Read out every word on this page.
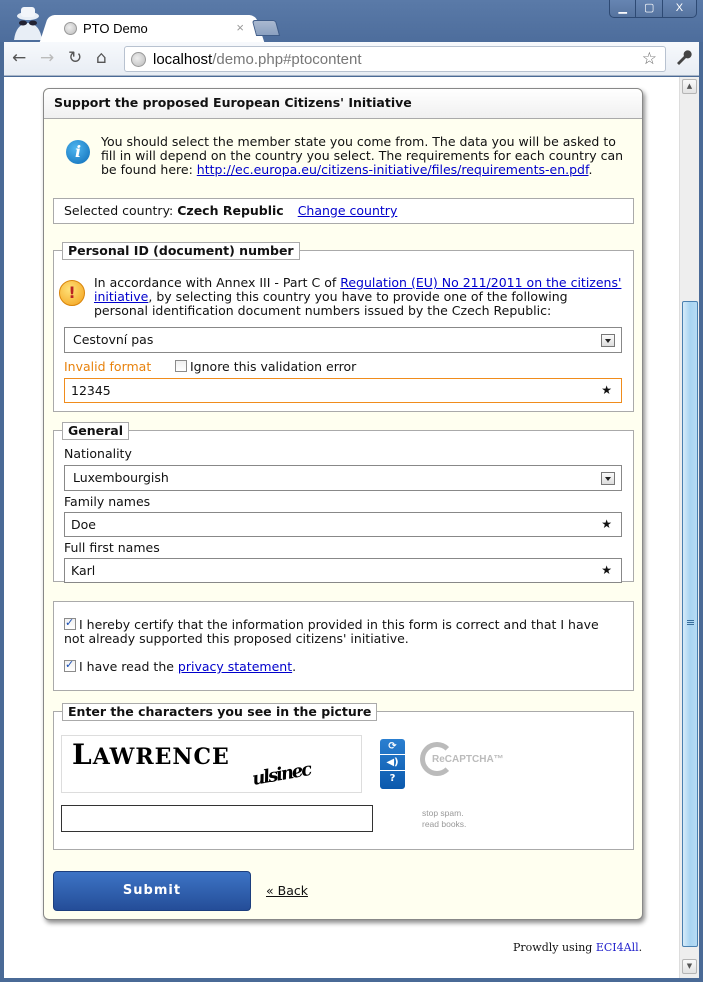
PTO Demo	×
▁	▢	X
← → ↻ ⌂	localhost/demo.php#ptocontent	☆
Support the proposed European Citizens' Initiative
i
You should select the member state you come from. The data you will be asked to fill in will depend on the country you select. The requirements for each country can be found here: http://ec.europa.eu/citizens-initiative/files/requirements-en.pdf.
Selected country: Czech Republic Change country
Personal ID (document) number
!
In accordance with Annex III - Part C of Regulation (EU) No 211/2011 on the citizens' initiative, by selecting this country you have to provide one of the following personal identification document numbers issued by the Czech Republic:
Cestovní pas
Invalid format	Ignore this validation error
12345	★
General
Nationality
Luxembourgish
Family names
Doe	★
Full first names
Karl	★
✓I hereby certify that the information provided in this form is correct and that I have not already supported this proposed citizens' initiative.
✓I have read the privacy statement.
Enter the characters you see in the picture
LAWRENCE
ulsinec
⟳
◀)
?
ReCAPTCHA™
stop spam.
read books.
Submit	« Back
Prowdly using ECI4All.
▲
▼
